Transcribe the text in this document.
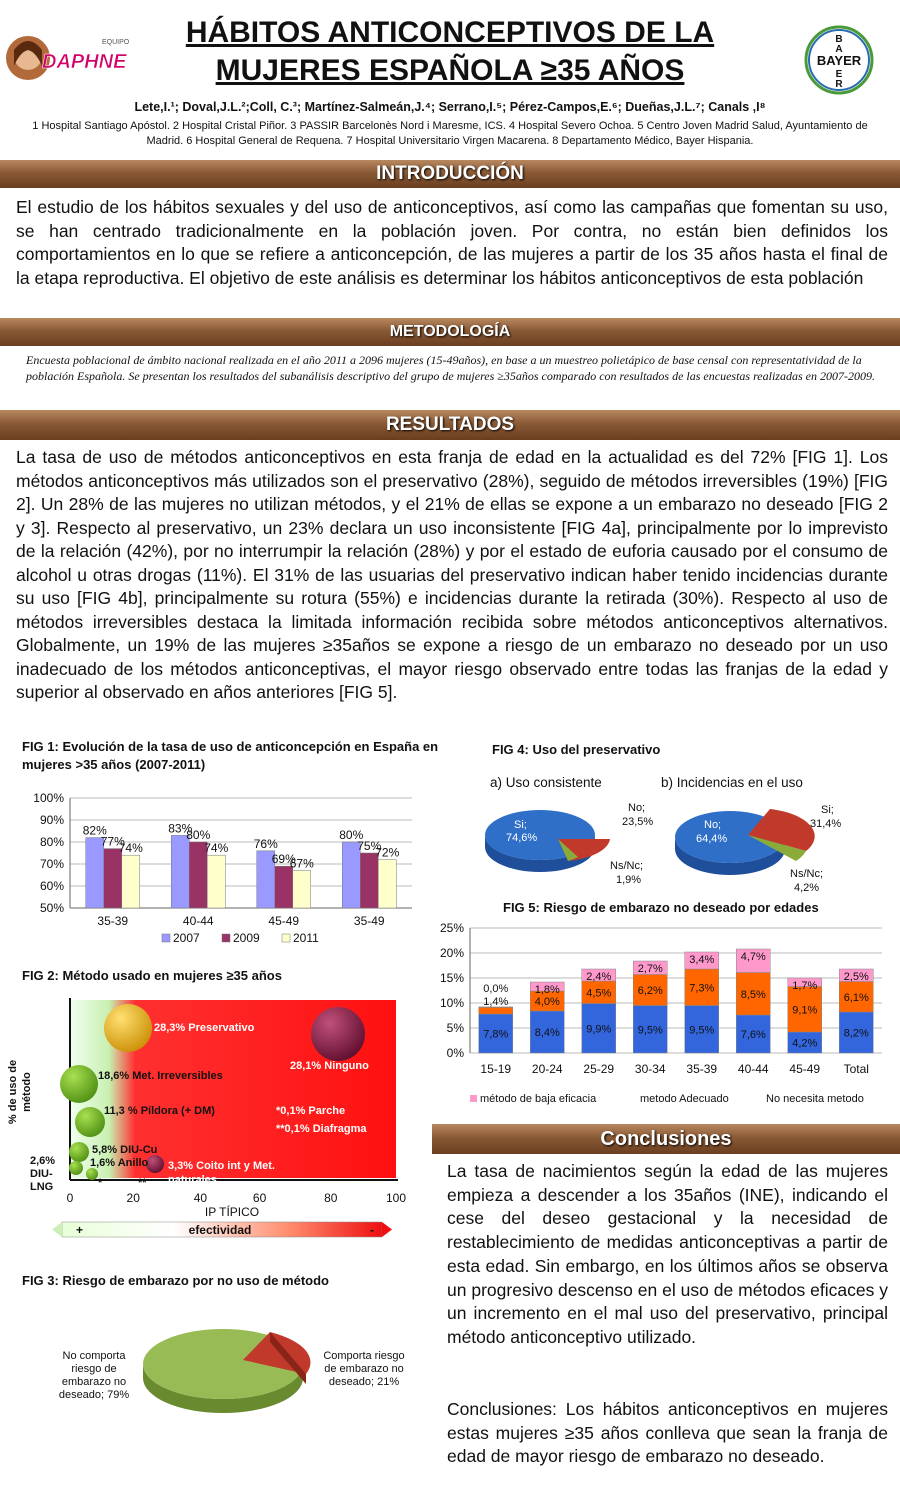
EQUIPO
DAPHNE
HÁBITOS ANTICONCEPTIVOS DE LA MUJERES ESPAÑOLA ≥35 AÑOS	BAYER
B
A
E
R
Lete,I.¹; Doval,J.L.²;Coll, C.³; Martínez-Salmeán,J.⁴; Serrano,I.⁵; Pérez-Campos,E.⁶; Dueñas,J.L.⁷; Canals ,I⁸
1 Hospital Santiago Apóstol. 2 Hospital Cristal Piñor. 3 PASSIR Barcelonès Nord i Maresme, ICS. 4 Hospital Severo Ochoa. 5 Centro Joven Madrid Salud, Ayuntamiento de Madrid. 6 Hospital General de Requena. 7 Hospital Universitario Virgen Macarena. 8 Departamento Médico, Bayer Hispania.
INTRODUCCIÓN
El estudio de los hábitos sexuales y del uso de anticonceptivos, así como las campañas que fomentan su uso, se han centrado tradicionalmente en la población joven. Por contra, no están bien definidos los comportamientos en lo que se refiere a anticoncepción, de las mujeres a partir de los 35 años hasta el final de la etapa reproductiva. El objetivo de este análisis es determinar los hábitos anticonceptivos de esta población
METODOLOGÍA
Encuesta poblacional de ámbito nacional realizada en el año 2011 a 2096 mujeres (15-49años), en base a un muestreo polietápico de base censal con representatividad de la población Española. Se presentan los resultados del subanálisis descriptivo del grupo de mujeres ≥35años comparado con resultados de las encuestas realizadas en 2007-2009.
RESULTADOS
La tasa de uso de métodos anticonceptivos en esta franja de edad en la actualidad es del 72% [FIG 1]. Los métodos anticonceptivos más utilizados son el preservativo (28%), seguido de métodos irreversibles (19%) [FIG 2]. Un 28% de las mujeres no utilizan métodos, y el 21% de ellas se expone a un embarazo no deseado [FIG 2 y 3]. Respecto al preservativo, un 23% declara un uso inconsistente [FIG 4a], principalmente por lo imprevisto de la relación (42%), por no interrumpir la relación (28%) y por el estado de euforia causado por el consumo de alcohol u otras drogas (11%). El 31% de las usuarias del preservativo indican haber tenido incidencias durante su uso [FIG 4b], principalmente su rotura (55%) e incidencias durante la retirada (30%). Respecto al uso de métodos irreversibles destaca la limitada información recibida sobre métodos anticonceptivos alternativos. Globalmente, un 19% de las mujeres ≥35años se expone a riesgo de un embarazo no deseado por un uso inadecuado de los métodos anticonceptivas, el mayor riesgo observado entre todas las franjas de la edad y superior al observado en años anteriores [FIG 5].
FIG 1: Evolución de la tasa de uso de anticoncepción en España en mujeres >35 años (2007-2011)
50%
60%
70%
80%
90%
100%
82%
77%
74%
35-39
83%
80%
74%
40-44
76%
69%
67%
45-49
80%
75%
72%
35-49
2007	2009	2011
FIG 4: Uso del preservativo
a) Uso consistente	b) Incidencias en el uso
Si;
74,6%
No;
23,5%
Ns/Nc;
1,9%
No;
64,4%
Si;
31,4%
Ns/Nc;
4,2%
FIG 5: Riesgo de embarazo no deseado por edades
0%
5%
10%
15%
20%
25%
7,8%
1,4%
0,0%
15-19
8,4%
4,0%
1,8%
20-24
9,9%
4,5%
2,4%
25-29
9,5%
6,2%
2,7%
30-34
9,5%
7,3%
3,4%
35-39
7,6%
8,5%
4,7%
40-44
4,2%
9,1%
1,7%
45-49
8,2%
6,1%
2,5%
Total
método de baja eficacia	metodo Adecuado	No necesita metodo
FIG 2: Método usado en mujeres ≥35 años
28,3% Preservativo
28,1% Ninguno
18,6% Met. Irreversibles
11,3 % Píldora (+ DM)	*0,1% Parche
**0,1% Diafragma
5,8% DIU-Cu
1,6% Anillo 3,3% Coito int y Met.
naturales
*	**
2,6%
DIU-
LNG
% de uso de método
0	20	40	60	80	100
IP TÍPICO
+	efectividad	-
FIG 3: Riesgo de embarazo por no uso de método
No comporta riesgo de embarazo no deseado; 79%
Comporta riesgo de embarazo no deseado; 21%
Conclusiones
La tasa de nacimientos según la edad de las mujeres empieza a descender a los 35años (INE), indicando el cese del deseo gestacional y la necesidad de restablecimiento de medidas anticonceptivas a partir de esta edad. Sin embargo, en los últimos años se observa un progresivo descenso en el uso de métodos eficaces y un incremento en el mal uso del preservativo, principal método anticonceptivo utilizado.
Conclusiones: Los hábitos anticonceptivos en mujeres estas mujeres ≥35 años conlleva que sean la franja de edad de mayor riesgo de embarazo no deseado.
